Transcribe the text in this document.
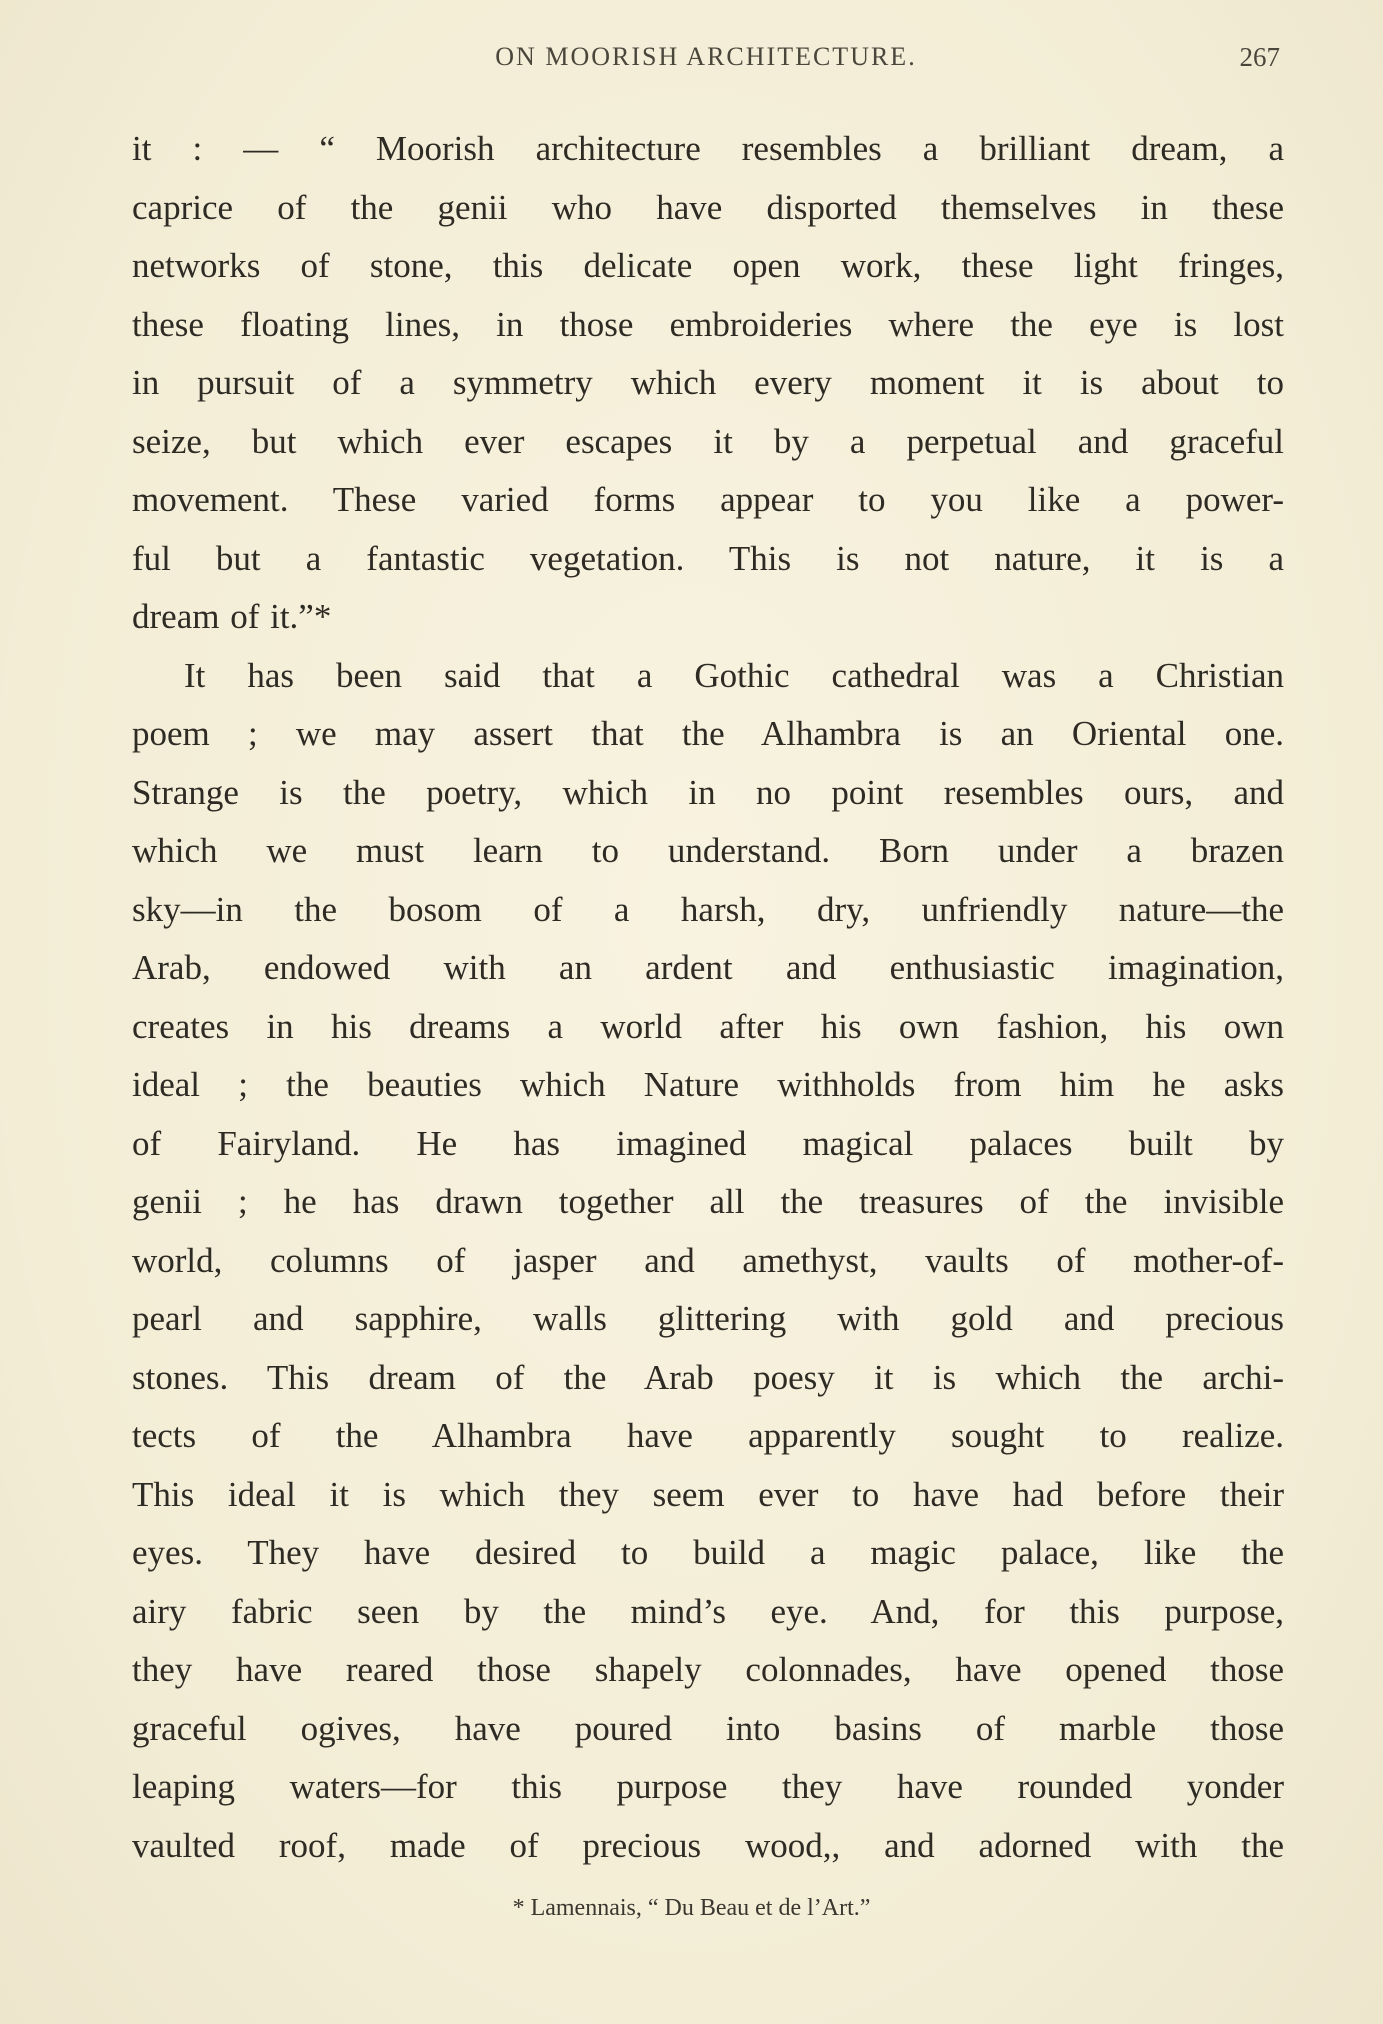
ON MOORISH ARCHITECTURE.	267
it : — “ Moorish architecture resembles a brilliant dream, a
caprice of the genii who have disported themselves in these
networks of stone, this delicate open work, these light fringes,
these floating lines, in those embroideries where the eye is lost
in pursuit of a symmetry which every moment it is about to
seize, but which ever escapes it by a perpetual and graceful
movement. These varied forms appear to you like a power-
ful but a fantastic vegetation. This is not nature, it is a
dream of it.”*
It has been said that a Gothic cathedral was a Christian
poem ; we may assert that the Alhambra is an Oriental one.
Strange is the poetry, which in no point resembles ours, and
which we must learn to understand. Born under a brazen
sky—in the bosom of a harsh, dry, unfriendly nature—the
Arab, endowed with an ardent and enthusiastic imagination,
creates in his dreams a world after his own fashion, his own
ideal ; the beauties which Nature withholds from him he asks
of Fairyland. He has imagined magical palaces built by
genii ; he has drawn together all the treasures of the invisible
world, columns of jasper and amethyst, vaults of mother-of-
pearl and sapphire, walls glittering with gold and precious
stones. This dream of the Arab poesy it is which the archi-
tects of the Alhambra have apparently sought to realize.
This ideal it is which they seem ever to have had before their
eyes. They have desired to build a magic palace, like the
airy fabric seen by the mind’s eye. And, for this purpose,
they have reared those shapely colonnades, have opened those
graceful ogives, have poured into basins of marble those
leaping waters—for this purpose they have rounded yonder
vaulted roof, made of precious wood,, and adorned with the
* Lamennais, “ Du Beau et de l’Art.”
